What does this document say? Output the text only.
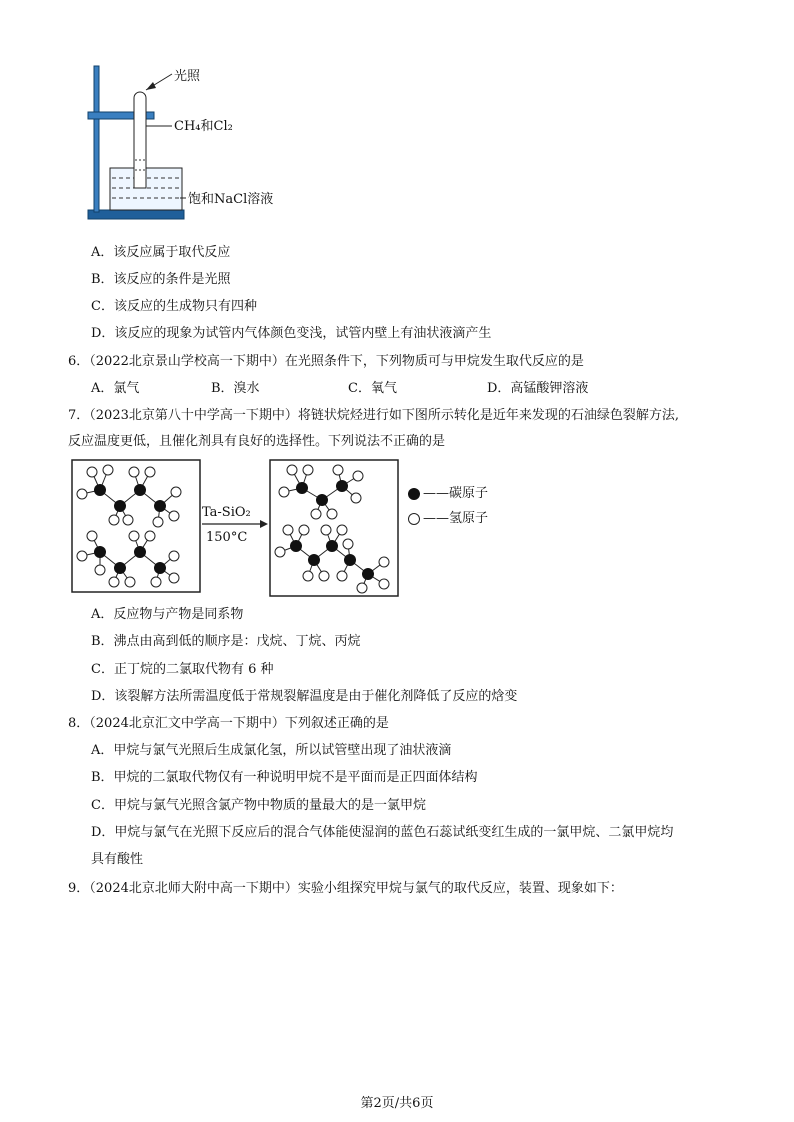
光照
CH₄和Cl₂
饱和NaCl溶液
A．该反应属于取代反应
B．该反应的条件是光照
C．该反应的生成物只有四种
D．该反应的现象为试管内气体颜色变浅，试管内壁上有油状液滴产生
6．（2022北京景山学校高一下期中）在光照条件下，下列物质可与甲烷发生取代反应的是
A．氯气	B．溴水	C．氧气	D．高锰酸钾溶液
7．（2023北京第八十中学高一下期中）将链状烷烃进行如下图所示转化是近年来发现的石油绿色裂解方法,
反应温度更低，且催化剂具有良好的选择性。下列说法不正确的是
Ta-SiO₂
150°C
——碳原子
——氢原子
A．反应物与产物是同系物
B．沸点由高到低的顺序是：戊烷、丁烷、丙烷
C．正丁烷的二氯取代物有 6 种
D．该裂解方法所需温度低于常规裂解温度是由于催化剂降低了反应的焓变
8．（2024北京汇文中学高一下期中）下列叙述正确的是
A．甲烷与氯气光照后生成氯化氢，所以试管壁出现了油状液滴
B．甲烷的二氯取代物仅有一种说明甲烷不是平面而是正四面体结构
C．甲烷与氯气光照含氯产物中物质的量最大的是一氯甲烷
D．甲烷与氯气在光照下反应后的混合气体能使湿润的蓝色石蕊试纸变红生成的一氯甲烷、二氯甲烷均
具有酸性
9．（2024北京北师大附中高一下期中）实验小组探究甲烷与氯气的取代反应，装置、现象如下：
第2页/共6页
